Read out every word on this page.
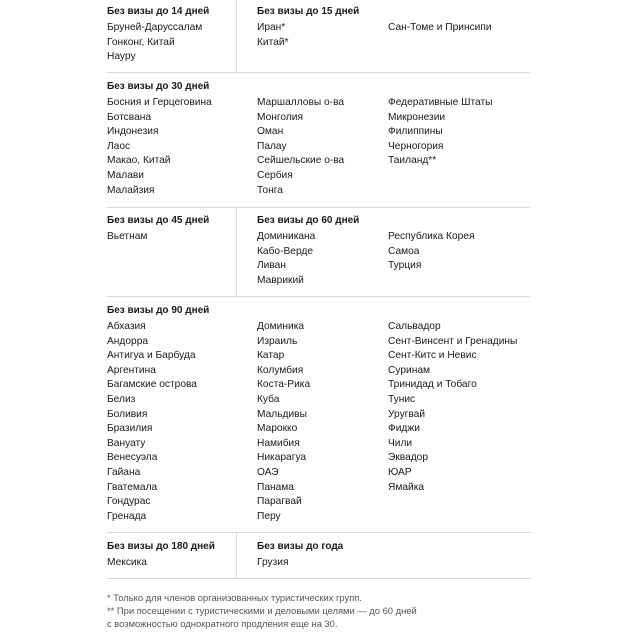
Без визы до 14 дней
Бруней-Даруссалам
Гонконг, Китай
Науру
Без визы до 15 дней
Иран*
Китай*
Сан-Томе и Принсипи
Без визы до 30 дней
Босния и Герцеговина
Ботсвана
Индонезия
Лаос
Макао, Китай
Малави
Малайзия
Маршалловы о-ва
Монголия
Оман
Палау
Сейшельские о-ва
Сербия
Тонга
Федеративные Штаты
Микронезии
Филиппины
Черногория
Таиланд**
Без визы до 45 дней
Вьетнам
Без визы до 60 дней
Доминикана
Кабо-Верде
Ливан
Маврикий
Республика Корея
Самоа
Турция
Без визы до 90 дней
Абхазия
Андорра
Антигуа и Барбуда
Аргентина
Багамские острова
Белиз
Боливия
Бразилия
Вануату
Венесуэла
Гайана
Гватемала
Гондурас
Гренада
Доминика
Израиль
Катар
Колумбия
Коста-Рика
Куба
Мальдивы
Марокко
Намибия
Никарагуа
ОАЭ
Панама
Парагвай
Перу
Сальвадор
Сент-Винсент и Гренадины
Сент-Китс и Невис
Суринам
Тринидад и Тобаго
Тунис
Уругвай
Фиджи
Чили
Эквадор
ЮАР
Ямайка
Без визы до 180 дней
Мексика
Без визы до года
Грузия
* Только для членов организованных туристических групп.
** При посещении с туристическими и деловыми целями — до 60 дней
с возможностью однократного продления еще на 30.
